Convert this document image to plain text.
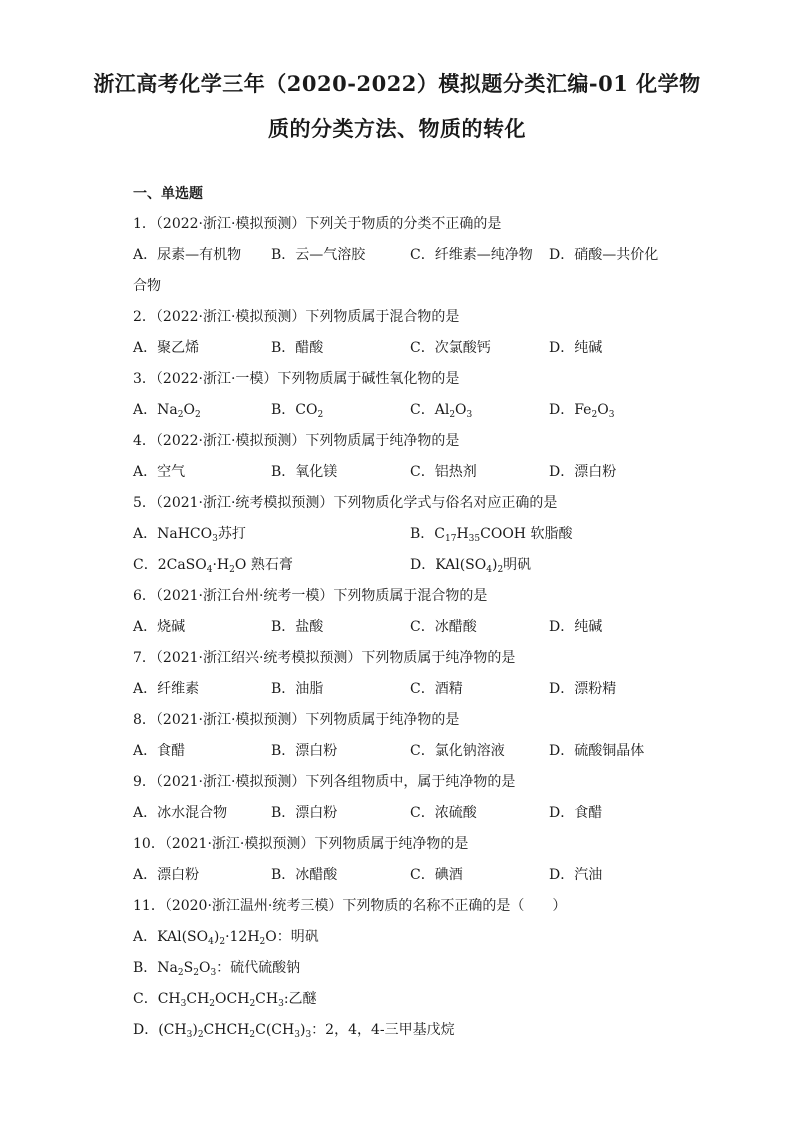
浙江高考化学三年（2020-2022）模拟题分类汇编-01 化学物
质的分类方法、物质的转化
一、单选题
1．（2022·浙江·模拟预测）下列关于物质的分类不正确的是
A．尿素—有机物 B．云—气溶胶	C．纤维素—纯净物 D．硝酸—共价化
合物
2．（2022·浙江·模拟预测）下列物质属于混合物的是
A．聚乙烯	B．醋酸	C．次氯酸钙	D．纯碱
3．（2022·浙江·一模）下列物质属于碱性氧化物的是
A．$Na_2O_2$	B．$CO_2$	C．$Al_2O_3$	D．$Fe_2O_3$
4．（2022·浙江·模拟预测）下列物质属于纯净物的是
A．空气	B．氧化镁	C．铝热剂	D．漂白粉
5．（2021·浙江·统考模拟预测）下列物质化学式与俗名对应正确的是
A．NaHCO$_3$苏打	B．$C_{17}H_{35}COOH$ 软脂酸
C．$2CaSO_4\cdot H_2O$ 熟石膏	D．$KAl(SO_4)_2$明矾
6．（2021·浙江台州·统考一模）下列物质属于混合物的是
A．烧碱	B．盐酸	C．冰醋酸	D．纯碱
7．（2021·浙江绍兴·统考模拟预测）下列物质属于纯净物的是
A．纤维素	B．油脂	C．酒精	D．漂粉精
8．（2021·浙江·模拟预测）下列物质属于纯净物的是
A．食醋	B．漂白粉	C．氯化钠溶液	D．硫酸铜晶体
9．（2021·浙江·模拟预测）下列各组物质中，属于纯净物的是
A．冰水混合物	B．漂白粉	C．浓硫酸	D．食醋
10．（2021·浙江·模拟预测）下列物质属于纯净物的是
A．漂白粉	B．冰醋酸	C．碘酒	D．汽油
11．（2020·浙江温州·统考三模）下列物质的名称不正确的是（　　）
A．$KAl(SO_4)_2\cdot 12H_2O$：明矾
B．$Na_2S_2O_3$：硫代硫酸钠
C．$CH_3CH_2OCH_2CH_3$:乙醚
D．$(CH_3)_2CHCH_2C(CH_3)_3$：2，4，4-三甲基戊烷
